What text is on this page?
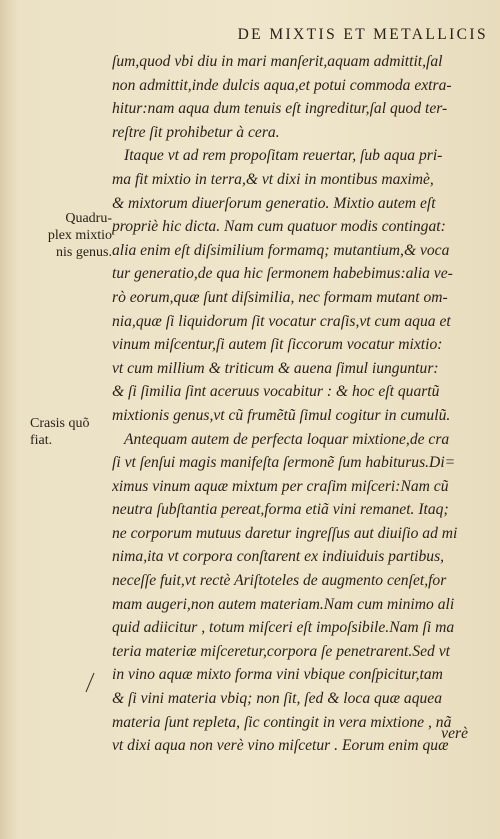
DE MIXTIS ET METALLICIS
Quadru-
plex mixtio
nis genus.
Crasis quõ
fiat.
ſum,quod vbi diu in mari manſerit,aquam admittit,ſal
non admittit,inde dulcis aqua,et potui commoda extra-
hitur:nam aqua dum tenuis eſt ingreditur,ſal quod ter-
reſtre ſit prohibetur à cera.
Itaque vt ad rem propoſitam reuertar, ſub aqua pri-
ma fit mixtio in terra,& vt dixi in montibus maximè,
& mixtorum diuerſorum generatio. Mixtio autem eſt
propriè hic dicta. Nam cum quatuor modis contingat:
alia enim eſt diſsimilium formamq; mutantium,& voca
tur generatio,de qua hic ſermonem habebimus:alia ve-
rò eorum,quæ ſunt diſsimilia, nec formam mutant om-
nia,quæ ſi liquidorum ſit vocatur craſis,vt cum aqua et
vinum miſcentur,ſi autem ſit ſiccorum vocatur mixtio:
vt cum millium & triticum & auena ſimul iunguntur:
& ſi ſimilia ſint aceruus vocabitur : & hoc eſt quartũ
mixtionis genus,vt cũ frumẽtũ ſimul cogitur in cumulũ.
Antequam autem de perfecta loquar mixtione,de cra
ſi vt ſenſui magis manifeſta ſermonẽ ſum habiturus.Di=
ximus vinum aquæ mixtum per craſim miſceri:Nam cũ
neutra ſubſtantia pereat,forma etiã vini remanet. Itaq;
ne corporum mutuus daretur ingreſſus aut diuiſio ad mi
nima,ita vt corpora conſtarent ex indiuiduis partibus,
neceſſe fuit,vt rectè Ariſtoteles de augmento cenſet,for
mam augeri,non autem materiam.Nam cum minimo ali
quid adiicitur , totum miſceri eſt impoſsibile.Nam ſi ma
teria materiæ miſceretur,corpora ſe penetrarent.Sed vt
in vino aquæ mixto forma vini vbique conſpicitur,tam
& ſi vini materia vbiq; non ſit, ſed & loca quæ aquea
materia ſunt repleta, ſic contingit in vera mixtione , nã
vt dixi aqua non verè vino miſcetur . Eorum enim quæ
verè
